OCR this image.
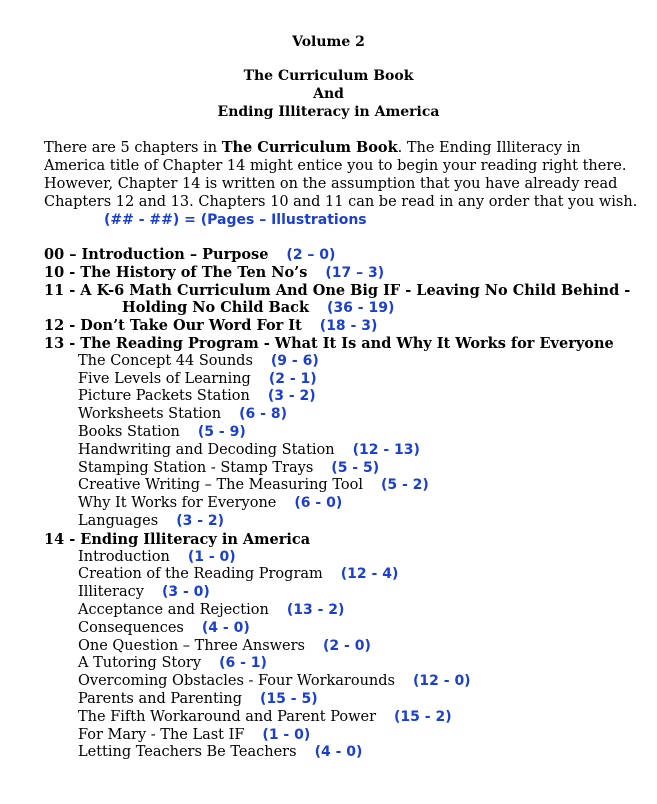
Volume 2
The Curriculum Book
And
Ending Illiteracy in America

There are 5 chapters in The Curriculum Book. The Ending Illiteracy in America title of Chapter 14 might entice you to begin your reading right there. However, Chapter 14 is written on the assumption that you have already read Chapters 12 and 13. Chapters 10 and 11 can be read in any order that you wish.(## - ##) = (Pages – Illustrations

00 – Introduction – Purpose (2 – 0)
10 - The History of The Ten No’s (17 – 3)
11 - A K-6 Math Curriculum And One Big IF - Leaving No Child Behind -
Holding No Child Back (36 - 19)
12 - Don’t Take Our Word For It (18 - 3)
13 - The Reading Program - What It Is and Why It Works for Everyone
The Concept 44 Sounds (9 - 6)
Five Levels of Learning (2 - 1)
Picture Packets Station (3 - 2)
Worksheets Station (6 - 8)
Books Station (5 - 9)
Handwriting and Decoding Station (12 - 13)
Stamping Station - Stamp Trays (5 - 5)
Creative Writing – The Measuring Tool (5 - 2)
Why It Works for Everyone (6 - 0)
Languages (3 - 2)
14 - Ending Illiteracy in America
Introduction (1 - 0)
Creation of the Reading Program (12 - 4)
Illiteracy (3 - 0)
Acceptance and Rejection (13 - 2)
Consequences (4 - 0)
One Question – Three Answers (2 - 0)
A Tutoring Story (6 - 1)
Overcoming Obstacles - Four Workarounds (12 - 0)
Parents and Parenting (15 - 5)
The Fifth Workaround and Parent Power (15 - 2)
For Mary - The Last IF (1 - 0)
Letting Teachers Be Teachers (4 - 0)
